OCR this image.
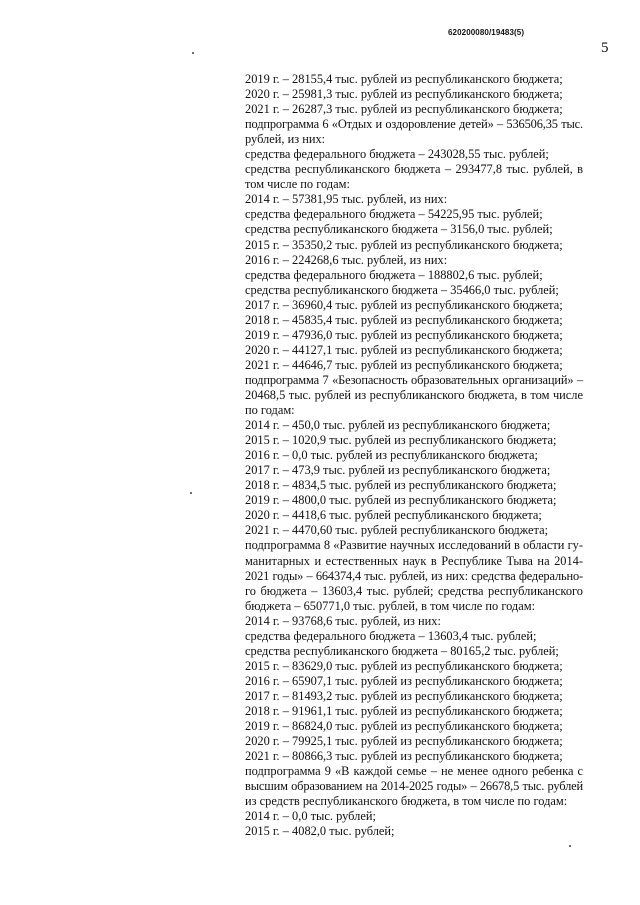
620200080/19483(5)
5
2019 г. – 28155,4 тыс. рублей из республиканского бюджета;
2020 г. – 25981,3 тыс. рублей из республиканского бюджета;
2021 г. – 26287,3 тыс. рублей из республиканского бюджета;
подпрограмма 6 «Отдых и оздоровление детей» – 536506,35 тыс.
рублей, из них:
средства федерального бюджета – 243028,55 тыс. рублей;
средства республиканского бюджета – 293477,8 тыс. рублей, в
том числе по годам:
2014 г. – 57381,95 тыс. рублей, из них:
средства федерального бюджета – 54225,95 тыс. рублей;
средства республиканского бюджета – 3156,0 тыс. рублей;
2015 г. – 35350,2 тыс. рублей из республиканского бюджета;
2016 г. – 224268,6 тыс. рублей, из них:
средства федерального бюджета – 188802,6 тыс. рублей;
средства республиканского бюджета – 35466,0 тыс. рублей;
2017 г. – 36960,4 тыс. рублей из республиканского бюджета;
2018 г. – 45835,4 тыс. рублей из республиканского бюджета;
2019 г. – 47936,0 тыс. рублей из республиканского бюджета;
2020 г. – 44127,1 тыс. рублей из республиканского бюджета;
2021 г. – 44646,7 тыс. рублей из республиканского бюджета;
подпрограмма 7 «Безопасность образовательных организаций» –
20468,5 тыс. рублей из республиканского бюджета, в том числе
по годам:
2014 г. – 450,0 тыс. рублей из республиканского бюджета;
2015 г. – 1020,9 тыс. рублей из республиканского бюджета;
2016 г. – 0,0 тыс. рублей из республиканского бюджета;
2017 г. – 473,9 тыс. рублей из республиканского бюджета;
2018 г. – 4834,5 тыс. рублей из республиканского бюджета;
2019 г. – 4800,0 тыс. рублей из республиканского бюджета;
2020 г. – 4418,6 тыс. рублей республиканского бюджета;
2021 г. – 4470,60 тыс. рублей республиканского бюджета;
подпрограмма 8 «Развитие научных исследований в области гу-
манитарных и естественных наук в Республике Тыва на 2014-
2021 годы» – 664374,4 тыс. рублей, из них: средства федерально-
го бюджета – 13603,4 тыс. рублей; средства республиканского
бюджета – 650771,0 тыс. рублей, в том числе по годам:
2014 г. – 93768,6 тыс. рублей, из них:
средства федерального бюджета – 13603,4 тыс. рублей;
средства республиканского бюджета – 80165,2 тыс. рублей;
2015 г. – 83629,0 тыс. рублей из республиканского бюджета;
2016 г. – 65907,1 тыс. рублей из республиканского бюджета;
2017 г. – 81493,2 тыс. рублей из республиканского бюджета;
2018 г. – 91961,1 тыс. рублей из республиканского бюджета;
2019 г. – 86824,0 тыс. рублей из республиканского бюджета;
2020 г. – 79925,1 тыс. рублей из республиканского бюджета;
2021 г. – 80866,3 тыс. рублей из республиканского бюджета;
подпрограмма 9 «В каждой семье – не менее одного ребенка с
высшим образованием на 2014-2025 годы» – 26678,5 тыс. рублей
из средств республиканского бюджета, в том числе по годам:
2014 г. – 0,0 тыс. рублей;
2015 г. – 4082,0 тыс. рублей;
